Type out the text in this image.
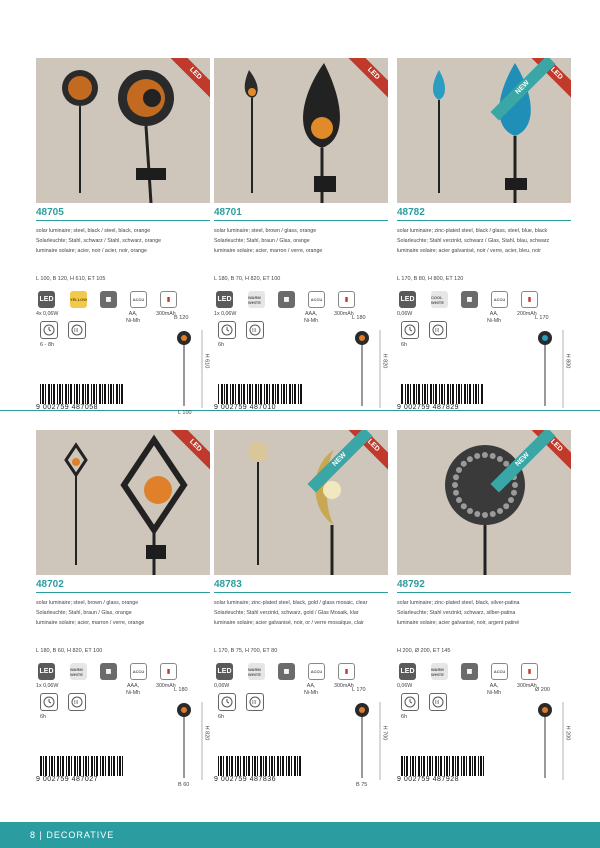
LED
48705
solar luminaire; steel, black / steel, black, orange
Solarleuchte; Stahl, schwarz / Stahl, schwarz, orange
luminaire solaire; acier, noir / acier, noir, orange
L 100, B 120, H 610, ET 105
LED	YELLOW	▦	ACCU	▮
4x 0,06W	AA,
Ni-Mh
300mAh
III
6 - 8h
9 002759 487058
B 120
H 610
L 100
LED
48701
solar luminaire; steel, brown / glass, orange
Solarleuchte; Stahl, braun / Glas, orange
luminaire solaire; acier, marron / verre, orange
L 180, B 70, H 820, ET 100
LED	WARM WHITE	▦	ACCU	▮
1x 0,06W	AAA,
Ni-Mh
300mAh
III
6h
9 002759 487010
L 180
H 820
LED
NEW
48782
solar luminaire; zinc-plated steel, black / glass, steel, blue, black
Solarleuchte; Stahl verzinkt, schwarz / Glas, Stahl, blau, schwarz
luminaire solaire; acier galvanisé, noir / verre, acier, bleu, noir
L 170, B 80, H 800, ET 120
LED	COOL WHITE	▦	ACCU	▮
0,06W	AA,
Ni-Mh
200mAh
III
6h
9 002759 487829
L 170
H 800
LED
48702
solar luminaire; steel, brown / glass, orange
Solarleuchte; Stahl, braun / Glas, orange
luminaire solaire; acier, marron / verre, orange
L 180, B 60, H 820, ET 100
LED	WARM WHITE	▦	ACCU	▮
1x 0,06W	AAA,
Ni-Mh
300mAh
III
6h
9 002759 487027
L 180
H 820
B 60
LED
NEW
48783
solar luminaire; zinc-plated steel, black, gold / glass mosaic, clear
Solarleuchte; Stahl verzinkt, schwarz, gold / Glas Mosaik, klar
luminaire solaire; acier galvanisé, noir, or / verre mosaïque, clair
L 170, B 75, H 700, ET 80
LED	WARM WHITE	▦	ACCU	▮
0,06W	AA,
Ni-Mh
300mAh
III
6h
9 002759 487836
L 170
H 700
B 75
LED
NEW
48792
solar luminaire; zinc-plated steel, black, silver-patina
Solarleuchte; Stahl verzinkt, schwarz, silber-patina
luminaire solaire; acier galvanisé, noir, argent patiné
H 200, Ø 200, ET 145
LED	WARM WHITE	▦	ACCU	▮
0,06W	AA,
Ni-Mh
300mAh
III
6h
9 002759 487928
Ø 200
H 200
8 | DECORATIVE
